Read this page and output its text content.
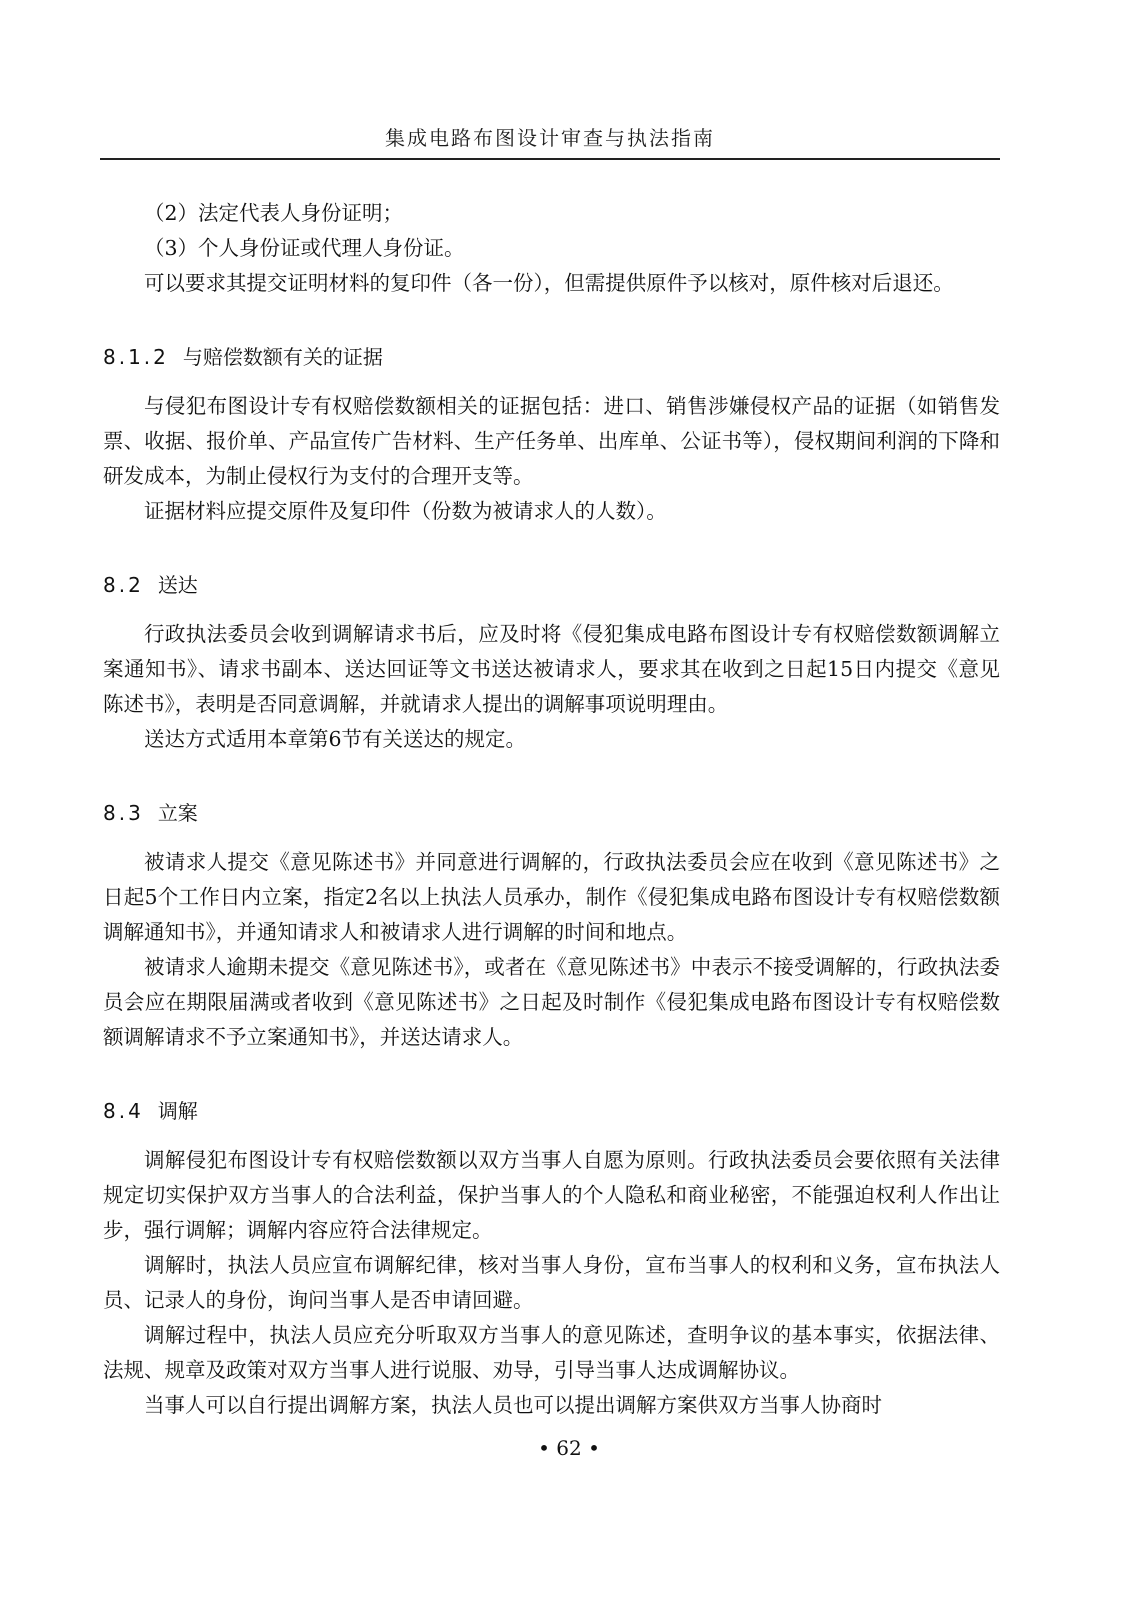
集成电路布图设计审查与执法指南

（2）法定代表人身份证明；

（3）个人身份证或代理人身份证。

可以要求其提交证明材料的复印件（各一份），但需提供原件予以核对，原件核对后退还。

8.1.2 与赔偿数额有关的证据

与侵犯布图设计专有权赔偿数额相关的证据包括：进口、销售涉嫌侵权产品的证据（如销售发票、收据、报价单、产品宣传广告材料、生产任务单、出库单、公证书等），侵权期间利润的下降和研发成本，为制止侵权行为支付的合理开支等。

证据材料应提交原件及复印件（份数为被请求人的人数）。

8.2 送达

行政执法委员会收到调解请求书后，应及时将《侵犯集成电路布图设计专有权赔偿数额调解立案通知书》、请求书副本、送达回证等文书送达被请求人，要求其在收到之日起15日内提交《意见陈述书》，表明是否同意调解，并就请求人提出的调解事项说明理由。

送达方式适用本章第6节有关送达的规定。

8.3 立案

被请求人提交《意见陈述书》并同意进行调解的，行政执法委员会应在收到《意见陈述书》之日起5个工作日内立案，指定2名以上执法人员承办，制作《侵犯集成电路布图设计专有权赔偿数额调解通知书》，并通知请求人和被请求人进行调解的时间和地点。

被请求人逾期未提交《意见陈述书》，或者在《意见陈述书》中表示不接受调解的，行政执法委员会应在期限届满或者收到《意见陈述书》之日起及时制作《侵犯集成电路布图设计专有权赔偿数额调解请求不予立案通知书》，并送达请求人。

8.4 调解

调解侵犯布图设计专有权赔偿数额以双方当事人自愿为原则。行政执法委员会要依照有关法律规定切实保护双方当事人的合法利益，保护当事人的个人隐私和商业秘密，不能强迫权利人作出让步，强行调解；调解内容应符合法律规定。

调解时，执法人员应宣布调解纪律，核对当事人身份，宣布当事人的权利和义务，宣布执法人员、记录人的身份，询问当事人是否申请回避。

调解过程中，执法人员应充分听取双方当事人的意见陈述，查明争议的基本事实，依据法律、法规、规章及政策对双方当事人进行说服、劝导，引导当事人达成调解协议。

当事人可以自行提出调解方案，执法人员也可以提出调解方案供双方当事人协商时

• 62 •
